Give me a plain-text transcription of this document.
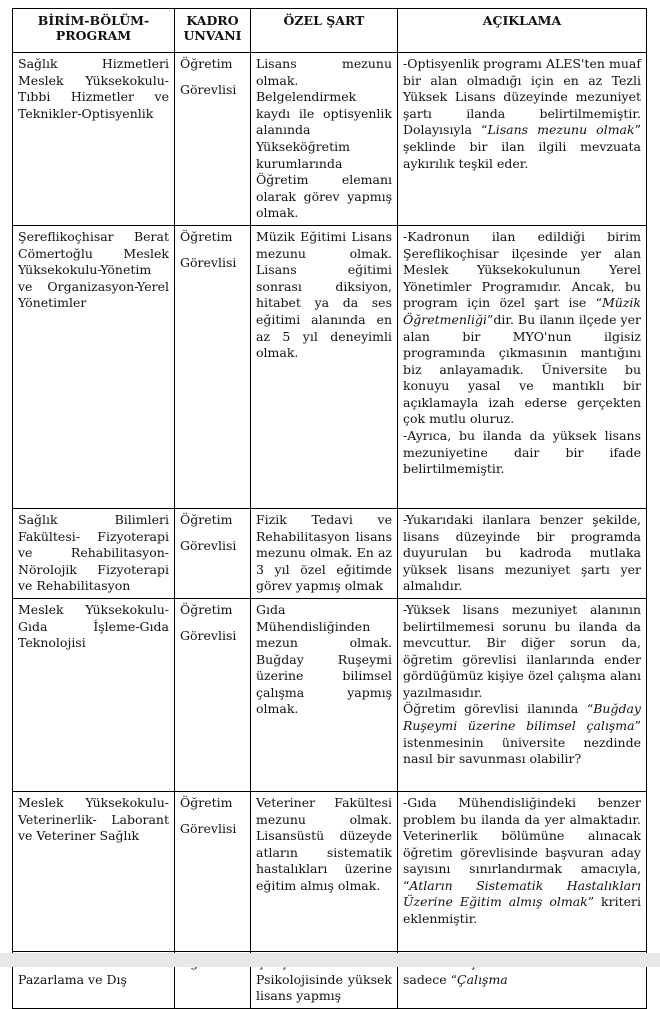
BİRİM-BÖLÜM-PROGRAM	KADRO UNVANI	ÖZEL ŞART	AÇIKLAMA
Sağlık Hizmetleri Meslek Yüksekokulu-Tıbbi Hizmetler ve Teknikler-Optisyenlik	Öğretim
Görevlisi	Lisans mezunu olmak. Belgelendirmek kaydı ile optisyenlik alanında Yükseköğretim kurumlarında Öğretim elemanı olarak görev yapmış olmak.	-Optisyenlik programı ALES'ten muaf bir alan olmadığı için en az Tezli Yüksek Lisans düzeyinde mezuniyet şartı ilanda belirtilmemiştir. Dolayısıyla “Lisans mezunu olmak” şeklinde bir ilan ilgili mevzuata aykırılık teşkil eder.
Şereflikoçhisar Berat Cömertoğlu Meslek Yüksekokulu-Yönetim ve Organizasyon-Yerel Yönetimler	Öğretim
Görevlisi	Müzik Eğitimi Lisans mezunu olmak. Lisans eğitimi sonrası diksiyon, hitabet ya da ses eğitimi alanında en az 5 yıl deneyimli olmak.	-Kadronun ilan edildiği birim Şereflikoçhisar ilçesinde yer alan Meslek Yüksekokulunun Yerel Yönetimler Programıdır. Ancak, bu program için özel şart ise “Müzik Öğretmenliği”dir. Bu ilanın ilçede yer alan bir MYO'nun ilgisiz programında çıkmasının mantığını biz anlayamadık. Üniversite bu konuyu yasal ve mantıklı bir açıklamayla izah ederse gerçekten çok mutlu oluruz.
-Ayrıca, bu ilanda da yüksek lisans mezuniyetine dair bir ifade belirtilmemiştir.

Sağlık Bilimleri Fakültesi- Fizyoterapi ve Rehabilitasyon-Nörolojik Fizyoterapi ve Rehabilitasyon	Öğretim
Görevlisi	Fizik Tedavi ve Rehabilitasyon lisans mezunu olmak. En az 3 yıl özel eğitimde görev yapmış olmak	-Yukarıdaki ilanlara benzer şekilde, lisans düzeyinde bir programda duyurulan bu kadroda mutlaka yüksek lisans mezuniyet şartı yer almalıdır.
Meslek Yüksekokulu-Gıda İşleme-Gıda Teknolojisi	Öğretim
Görevlisi	Gıda Mühendisliğinden mezun olmak. Buğday Ruşeymi üzerine bilimsel çalışma yapmış olmak.	-Yüksek lisans mezuniyet alanının belirtilmemesi sorunu bu ilanda da mevcuttur. Bir diğer sorun da, öğretim görevlisi ilanlarında ender gördüğümüz kişiye özel çalışma alanı yazılmasıdır.
Öğretim görevlisi ilanında “Buğday Ruşeymi üzerine bilimsel çalışma” istenmesinin üniversite nezdinde nasıl bir savunması olabilir?

Meslek Yüksekokulu-Veterinerlik- Laborant ve Veteriner Sağlık	Öğretim
Görevlisi	Veteriner Fakültesi mezunu olmak. Lisansüstü düzeyde atların sistematik hastalıkları üzerine eğitim almış olmak.	-Gıda Mühendisliğindeki benzer problem bu ilanda da yer almaktadır. Veterinerlik bölümüne alınacak öğretim görevlisinde başvuran aday sayısını sınırlandırmak amacıyla, “Atların Sistematik Hastalıkları Üzerine Eğitim almış olmak” kriteri eklenmiştir.
Pazarlama ve Dış		Psikolojisinde yüksek lisans yapmış	sadece “Çalışma
